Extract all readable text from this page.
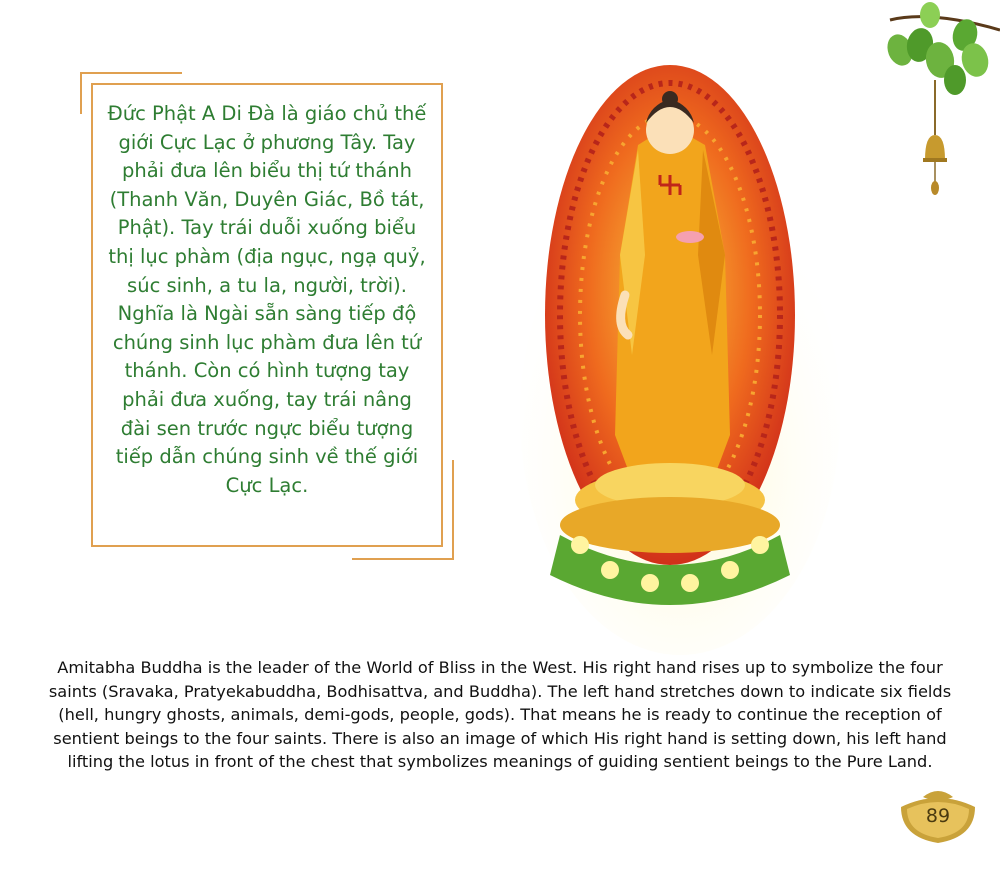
Đức Phật A Di Đà là giáo chủ thế giới Cực Lạc ở phương Tây. Tay phải đưa lên biểu thị tứ thánh (Thanh Văn, Duyên Giác, Bồ tát, Phật). Tay trái duỗi xuống biểu thị lục phàm (địa ngục, ngạ quỷ, súc sinh, a tu la, người, trời). Nghĩa là Ngài sẵn sàng tiếp độ chúng sinh lục phàm đưa lên tứ thánh. Còn có hình tượng tay phải đưa xuống, tay trái nâng đài sen trước ngực biểu tượng tiếp dẫn chúng sinh về thế giới Cực Lạc.

Amitabha Buddha is the leader of the World of Bliss in the West. His right hand rises up to symbolize the four saints (Sravaka, Pratyekabuddha, Bodhisattva, and Buddha). The left hand stretches down to indicate six fields (hell, hungry ghosts, animals, demi-gods, people, gods). That means he is ready to continue the reception of sentient beings to the four saints. There is also an image of which His right hand is setting down, his left hand lifting the lotus in front of the chest that symbolizes meanings of guiding sentient beings to the Pure Land.

89
